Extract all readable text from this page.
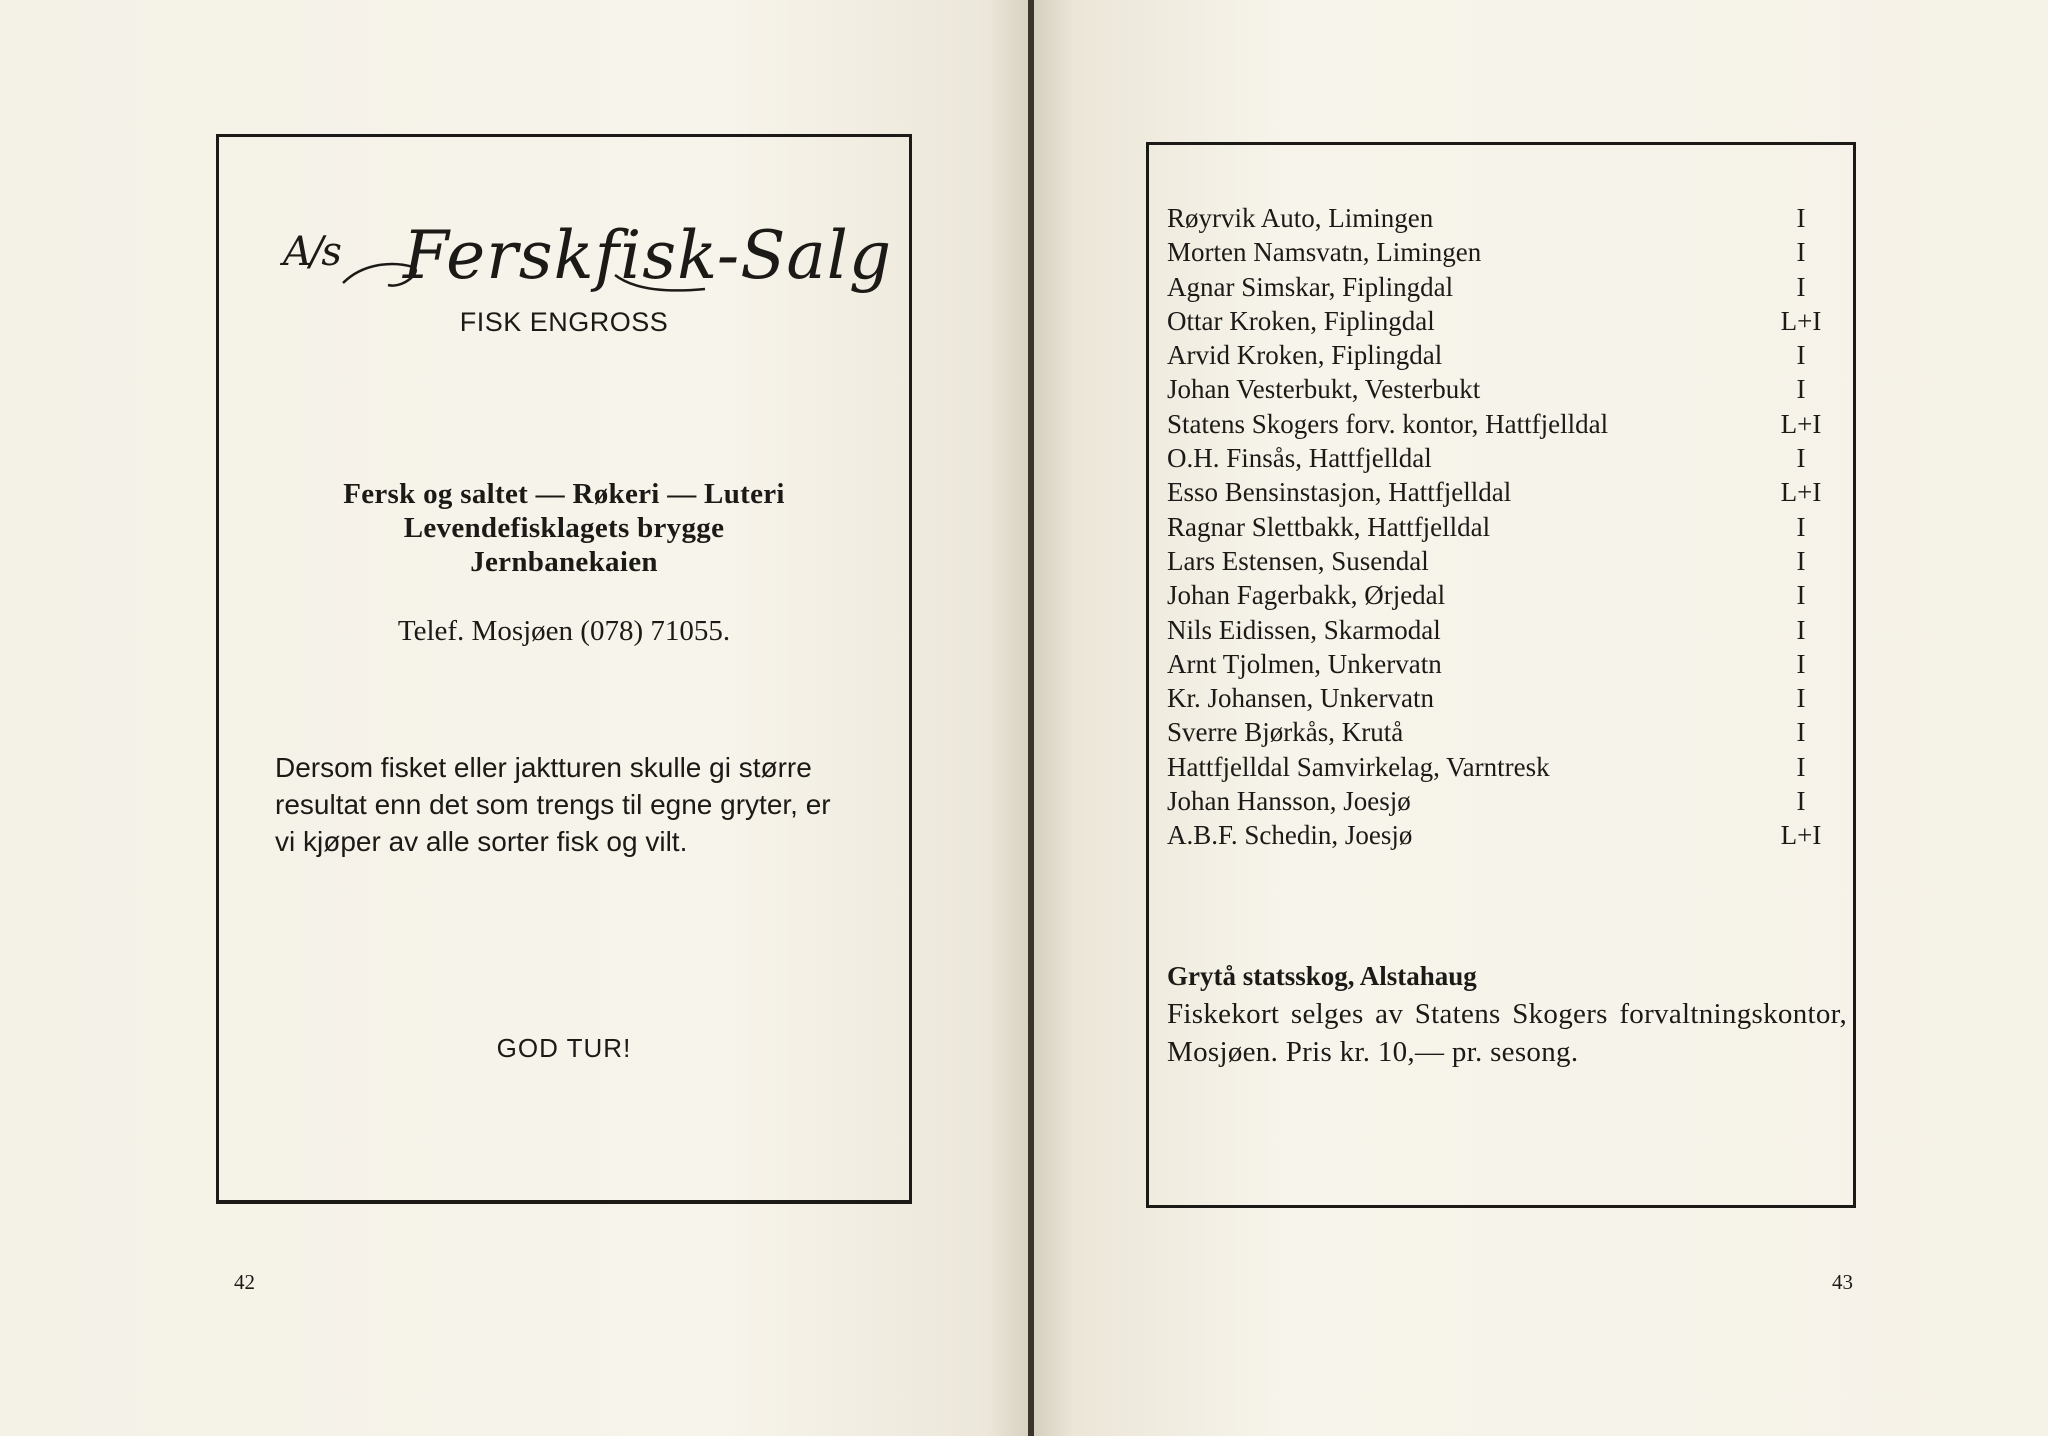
A/s Ferskfisk-Salg
FISK ENGROSS
Fersk og saltet — Røkeri — Luteri
Levendefisklagets brygge
Jernbanekaien
Telef. Mosjøen (078) 71055.
Dersom fisket eller jaktturen skulle gi større
resultat enn det som trengs til egne gryter, er
vi kjøper av alle sorter fisk og vilt.
GOD TUR!
42
Røyrvik Auto, Limingen	I
Morten Namsvatn, Limingen	I
Agnar Simskar, Fiplingdal	I
Ottar Kroken, Fiplingdal	L+I
Arvid Kroken, Fiplingdal	I
Johan Vesterbukt, Vesterbukt	I
Statens Skogers forv. kontor, Hattfjelldal	L+I
O.H. Finsås, Hattfjelldal	I
Esso Bensinstasjon, Hattfjelldal	L+I
Ragnar Slettbakk, Hattfjelldal	I
Lars Estensen, Susendal	I
Johan Fagerbakk, Ørjedal	I
Nils Eidissen, Skarmodal	I
Arnt Tjolmen, Unkervatn	I
Kr. Johansen, Unkervatn	I
Sverre Bjørkås, Krutå	I
Hattfjelldal Samvirkelag, Varntresk	I
Johan Hansson, Joesjø	I
A.B.F. Schedin, Joesjø	L+I
Grytå statsskog, Alstahaug
Fiskekort selges av Statens Skogers forvaltningskontor, Mosjøen. Pris kr. 10,— pr. sesong.
43
